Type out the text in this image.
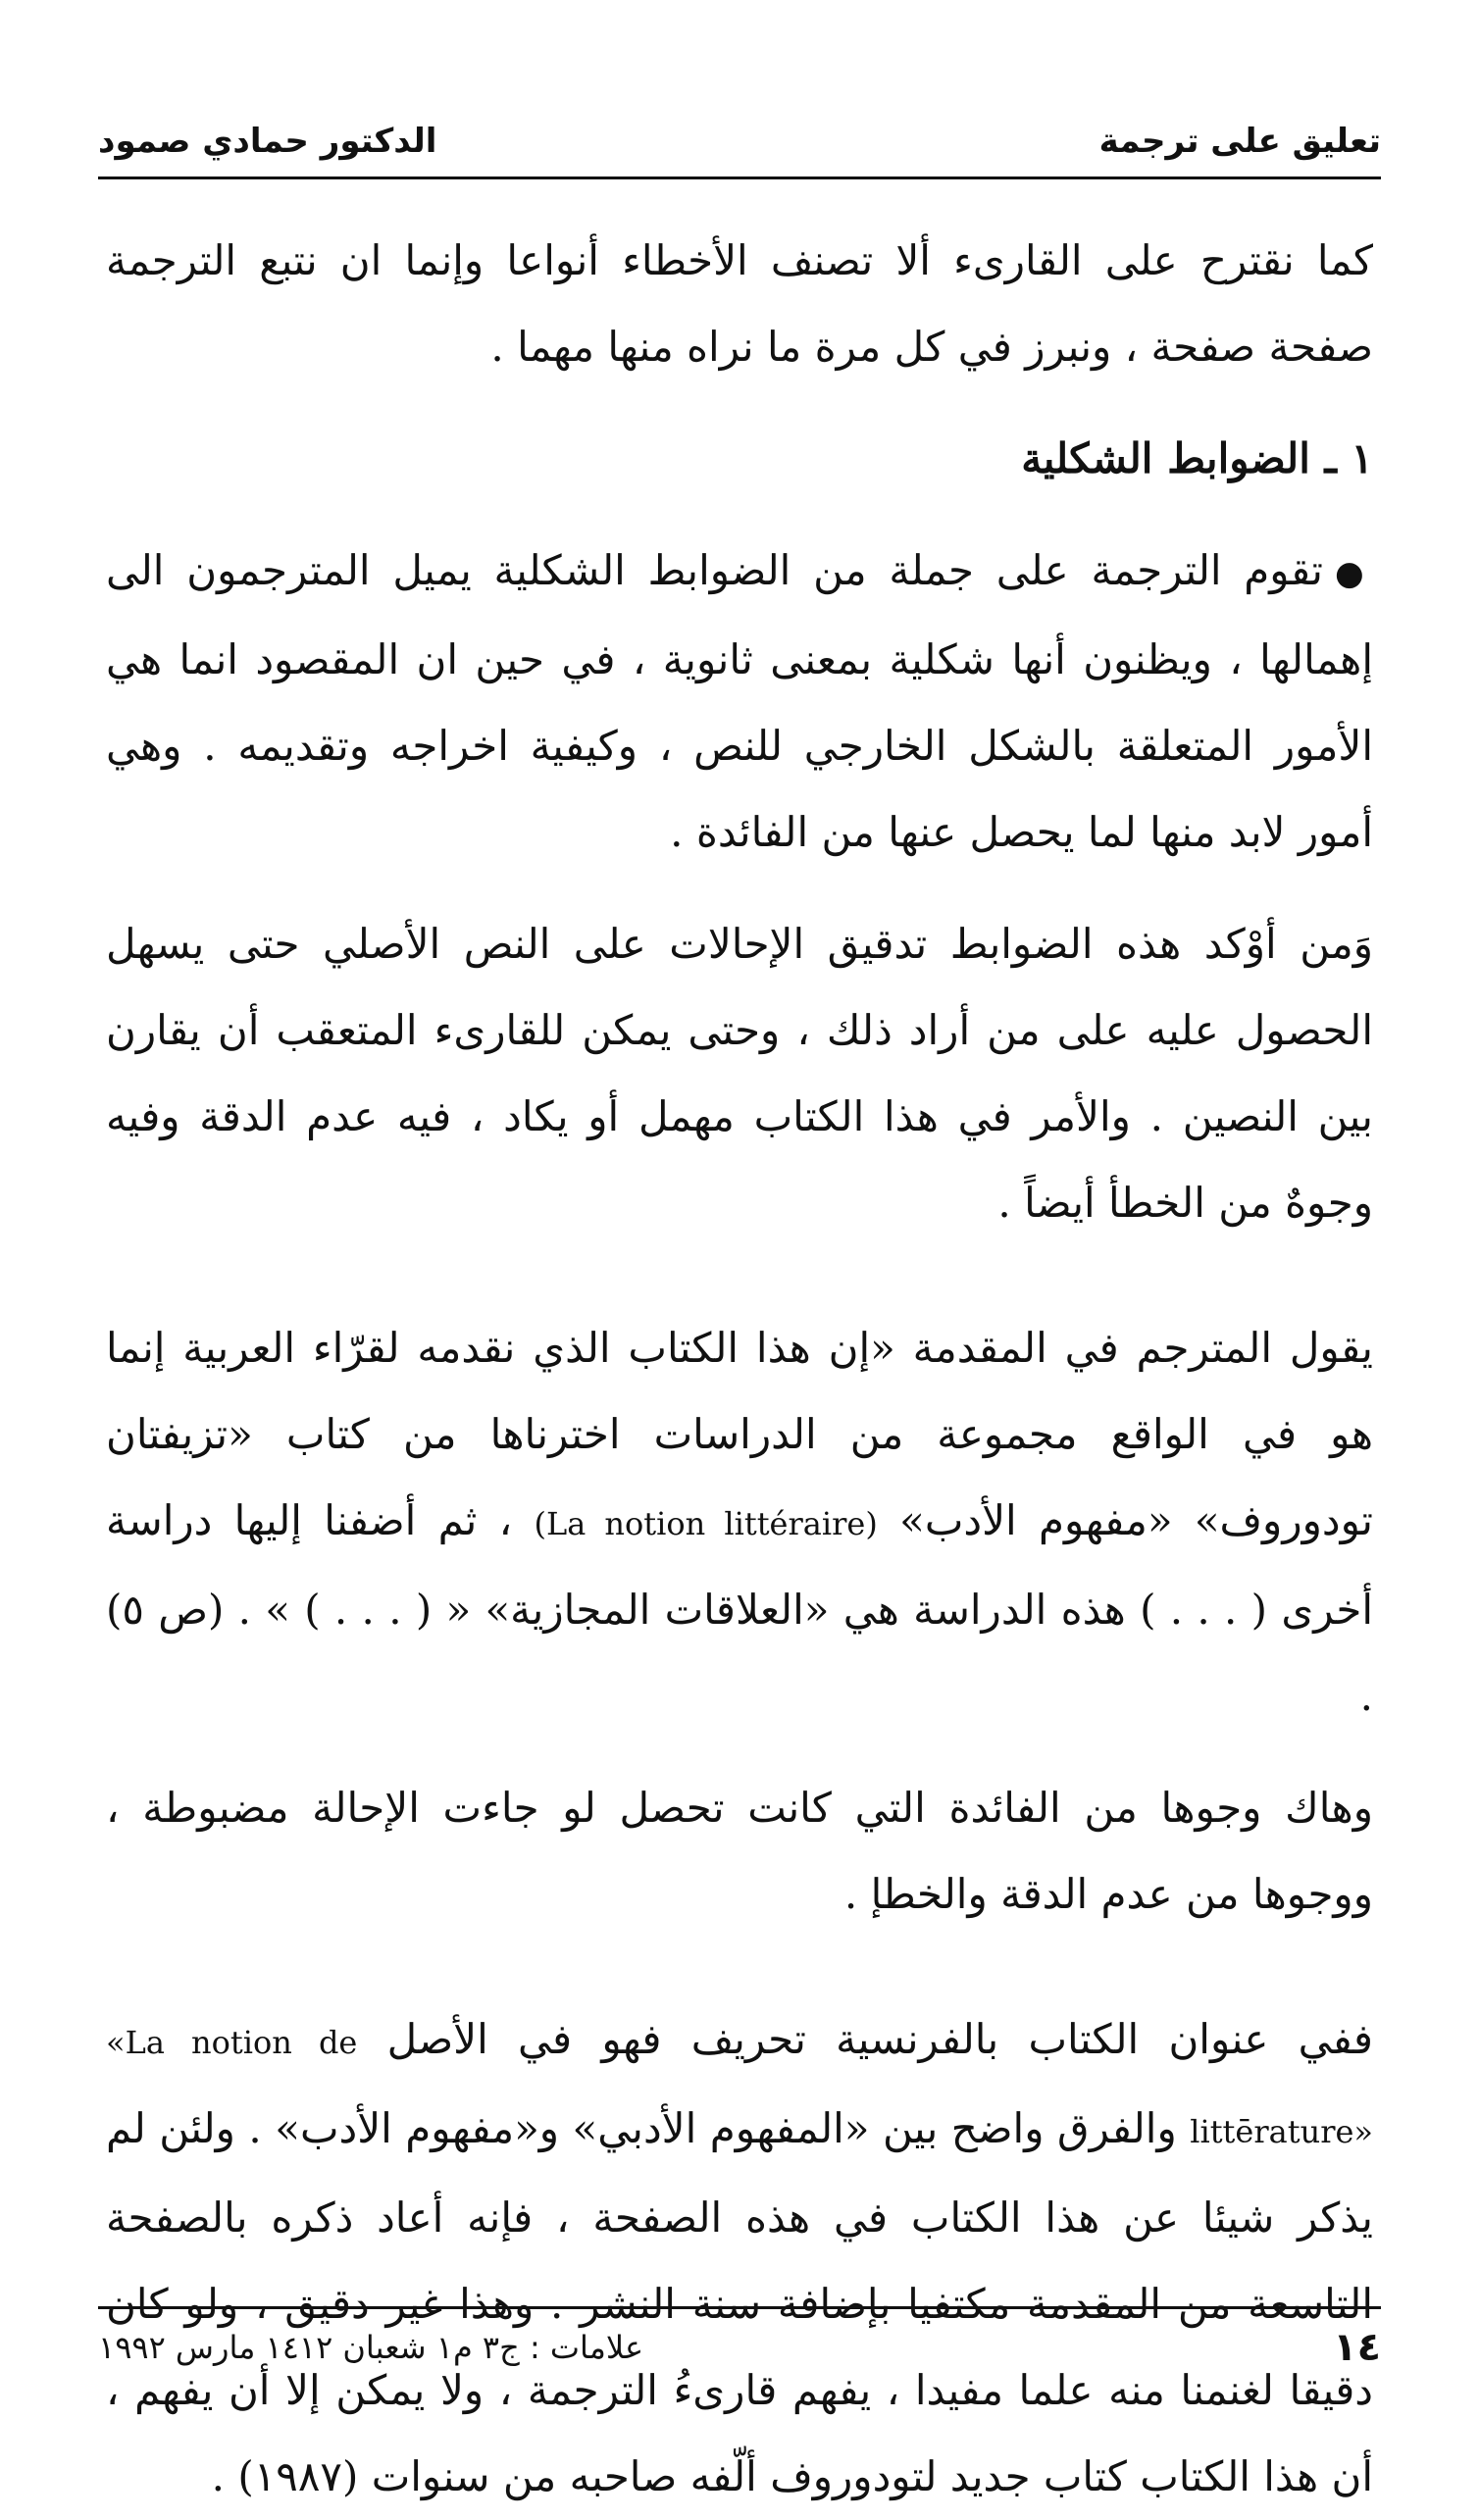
تعليق على ترجمة
الدكتور حمادي صمود

كما نقترح على القارىء ألا تصنف الأخطاء أنواعا وإنما ان نتبع الترجمة صفحة صفحة ، ونبرز في كل مرة ما نراه منها مهما .

١ ـ الضوابط الشكلية

●تقوم الترجمة على جملة من الضوابط الشكلية يميل المترجمون الى إهمالها ، ويظنون أنها شكلية بمعنى ثانوية ، في حين ان المقصود انما هي الأمور المتعلقة بالشكل الخارجي للنص ، وكيفية اخراجه وتقديمه . وهي أمور لابد منها لما يحصل عنها من الفائدة .

وَمن أوْكد هذه الضوابط تدقيق الإحالات على النص الأصلي حتى يسهل الحصول عليه على من أراد ذلك ، وحتى يمكن للقارىء المتعقب أن يقارن بين النصين . والأمر في هذا الكتاب مهمل أو يكاد ، فيه عدم الدقة وفيه وجوهٌ من الخطأ أيضاً .

يقول المترجم في المقدمة «إن هذا الكتاب الذي نقدمه لقرّاء العربية إنما هو في الواقع مجموعة من الدراسات اخترناها من كتاب «تزيفتان تودوروف» «مفهوم الأدب» (La notion littéraire) ، ثم أضفنا إليها دراسة أخرى ( . . . ) هذه الدراسة هي «العلاقات المجازية» « ( . . . ) » . (ص ٥) .

وهاك وجوها من الفائدة التي كانت تحصل لو جاءت الإحالة مضبوطة ، ووجوها من عدم الدقة والخطإ .

ففي عنوان الكتاب بالفرنسية تحريف فهو في الأصل «La notion de littērature» والفرق واضح بين «المفهوم الأدبي» و«مفهوم الأدب» . ولئن لم يذكر شيئا عن هذا الكتاب في هذه الصفحة ، فإنه أعاد ذكره بالصفحة التاسعة من المقدمة مكتفيا بإضافة سنة النشر . وهذا غير دقيق ، ولو كان دقيقا لغنمنا منه علما مفيدا ، يفهم قارىءُ الترجمة ، ولا يمكن إلا أن يفهم ، أن هذا الكتاب كتاب جديد لتودوروف ألّفه صاحبه من سنوات (١٩٨٧) .

١٤
علامات : ج٣ م١ شعبان ١٤١٢ مارس ١٩٩٢
